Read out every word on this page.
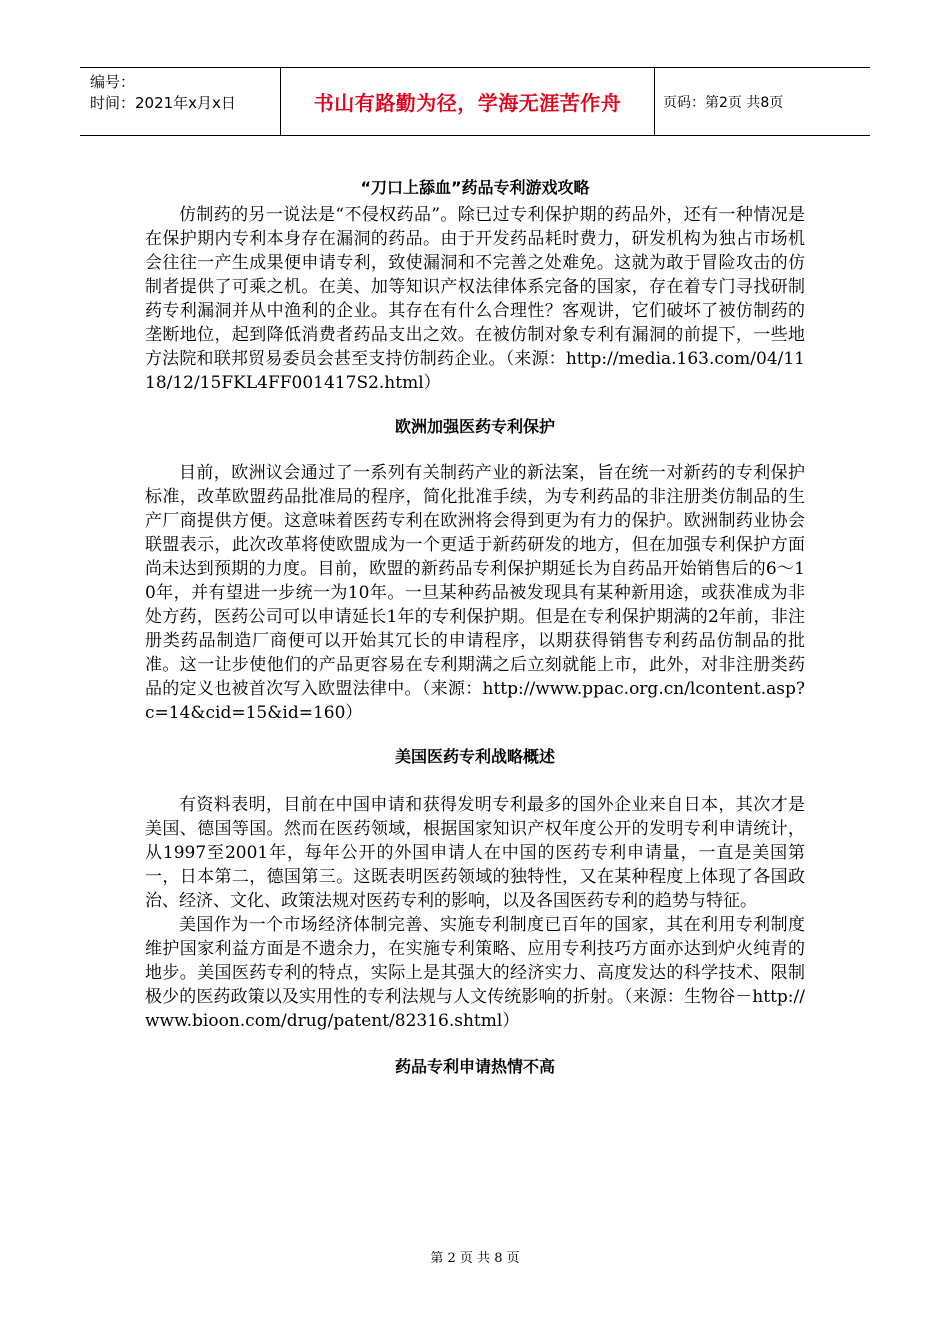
编号：
时间：2021年x月x日	书山有路勤为径，学海无涯苦作舟	页码：第2页 共8页
“刀口上舔血”药品专利游戏攻略

仿制药的另一说法是“不侵权药品”。除已过专利保护期的药品外，还有一种情况是在保护期内专利本身存在漏洞的药品。由于开发药品耗时费力，研发机构为独占市场机会往往一产生成果便申请专利，致使漏洞和不完善之处难免。这就为敢于冒险攻击的仿制者提供了可乘之机。在美、加等知识产权法律体系完备的国家，存在着专门寻找研制药专利漏洞并从中渔利的企业。其存在有什么合理性？客观讲，它们破坏了被仿制药的垄断地位，起到降低消费者药品支出之效。在被仿制对象专利有漏洞的前提下，一些地方法院和联邦贸易委员会甚至支持仿制药企业。（来源：http://media.163.com/04/1118/12/15FKL4FF001417S2.html）

欧洲加强医药专利保护

目前，欧洲议会通过了一系列有关制药产业的新法案，旨在统一对新药的专利保护标准，改革欧盟药品批准局的程序，简化批准手续，为专利药品的非注册类仿制品的生产厂商提供方便。这意味着医药专利在欧洲将会得到更为有力的保护。欧洲制药业协会联盟表示，此次改革将使欧盟成为一个更适于新药研发的地方，但在加强专利保护方面尚未达到预期的力度。目前，欧盟的新药品专利保护期延长为自药品开始销售后的6～10年，并有望进一步统一为10年。一旦某种药品被发现具有某种新用途，或获准成为非处方药，医药公司可以申请延长1年的专利保护期。但是在专利保护期满的2年前，非注册类药品制造厂商便可以开始其冗长的申请程序，以期获得销售专利药品仿制品的批准。这一让步使他们的产品更容易在专利期满之后立刻就能上市，此外，对非注册类药品的定义也被首次写入欧盟法律中。（来源：http://www.ppac.org.cn/lcontent.asp?c=14&cid=15&id=160）

美国医药专利战略概述

有资料表明，目前在中国申请和获得发明专利最多的国外企业来自日本，其次才是美国、德国等国。然而在医药领域，根据国家知识产权年度公开的发明专利申请统计，从1997至2001年，每年公开的外国申请人在中国的医药专利申请量，一直是美国第一，日本第二，德国第三。这既表明医药领域的独特性，又在某种程度上体现了各国政治、经济、文化、政策法规对医药专利的影响，以及各国医药专利的趋势与特征。

美国作为一个市场经济体制完善、实施专利制度已百年的国家，其在利用专利制度维护国家利益方面是不遗余力，在实施专利策略、应用专利技巧方面亦达到炉火纯青的地步。美国医药专利的特点，实际上是其强大的经济实力、高度发达的科学技术、限制极少的医药政策以及实用性的专利法规与人文传统影响的折射。（来源：生物谷－http://www.bioon.com/drug/patent/82316.shtml）

药品专利申请热情不高
第 2 页 共 8 页
